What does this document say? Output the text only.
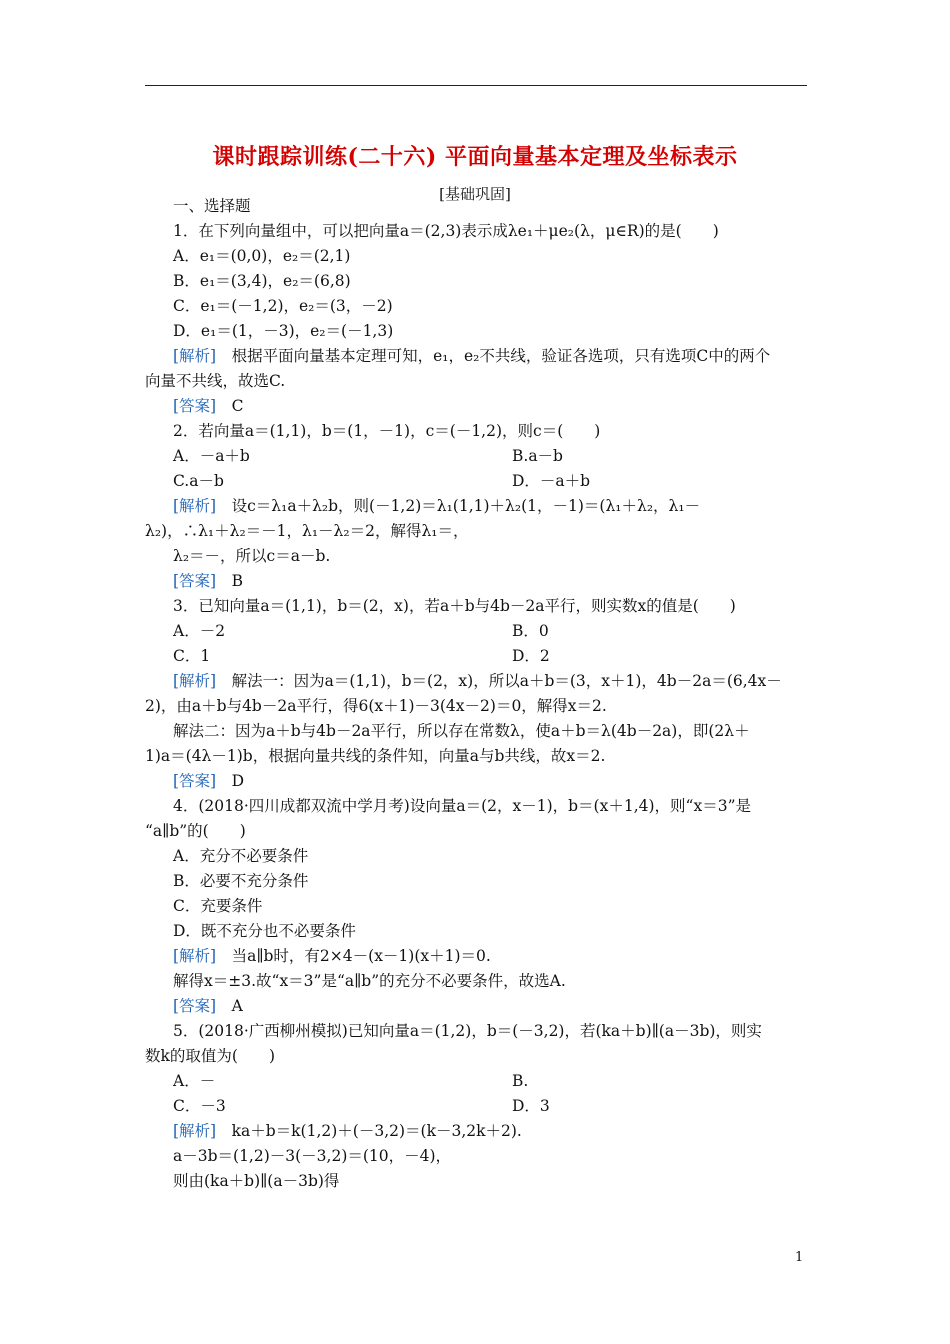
课时跟踪训练(二十六) 平面向量基本定理及坐标表示
[基础巩固]
一、选择题
1．在下列向量组中，可以把向量a＝(2,3)表示成λe₁＋μe₂(λ，μ∈R)的是(　　)
A．e₁＝(0,0)，e₂＝(2,1)
B．e₁＝(3,4)，e₂＝(6,8)
C．e₁＝(－1,2)，e₂＝(3，－2)
D．e₁＝(1，－3)，e₂＝(－1,3)
[解析]　根据平面向量基本定理可知，e₁，e₂不共线，验证各选项，只有选项C中的两个
向量不共线，故选C.
[答案]　C
2．若向量a＝(1,1)，b＝(1，－1)，c＝(－1,2)，则c＝(　　)
A．－a＋b	B.a－b
C.a－b	D．－a＋b
[解析]　设c＝λ₁a＋λ₂b，则(－1,2)＝λ₁(1,1)＋λ₂(1，－1)＝(λ₁＋λ₂，λ₁－
λ₂)，∴λ₁＋λ₂＝－1，λ₁－λ₂＝2，解得λ₁＝，
λ₂＝－，所以c＝a－b.
[答案]　B
3．已知向量a＝(1,1)，b＝(2，x)，若a＋b与4b－2a平行，则实数x的值是(　　)
A．－2	B．0
C．1	D．2
[解析]　解法一：因为a＝(1,1)，b＝(2，x)，所以a＋b＝(3，x＋1)，4b－2a＝(6,4x－
2)，由a＋b与4b－2a平行，得6(x＋1)－3(4x－2)＝0，解得x＝2.
解法二：因为a＋b与4b－2a平行，所以存在常数λ，使a＋b＝λ(4b－2a)，即(2λ＋
1)a＝(4λ－1)b，根据向量共线的条件知，向量a与b共线，故x＝2.
[答案]　D
4．(2018·四川成都双流中学月考)设向量a＝(2，x－1)，b＝(x＋1,4)，则“x＝3”是
“a∥b”的(　　)
A．充分不必要条件
B．必要不充分条件
C．充要条件
D．既不充分也不必要条件
[解析]　当a∥b时，有2×4－(x－1)(x＋1)＝0.
解得x＝±3.故“x＝3”是“a∥b”的充分不必要条件，故选A.
[答案]　A
5．(2018·广西柳州模拟)已知向量a＝(1,2)，b＝(－3,2)，若(ka＋b)∥(a－3b)，则实
数k的取值为(　　)
A．－	B.
C．－3	D．3
[解析]　ka＋b＝k(1,2)＋(－3,2)＝(k－3,2k＋2).
a－3b＝(1,2)－3(－3,2)＝(10，－4)，
则由(ka＋b)∥(a－3b)得
1
